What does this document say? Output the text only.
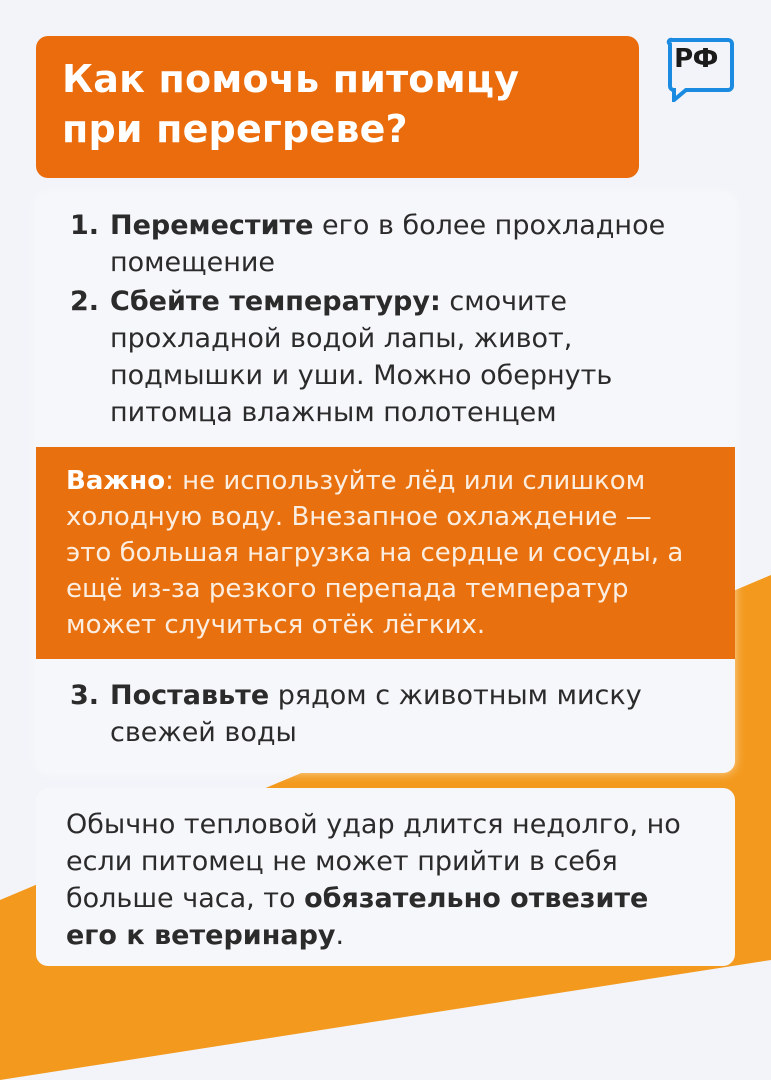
Как помочь питомцу
при перегреве?
РФ
1. Переместите его в более прохладное помещение
2. Сбейте температуру: смочите прохладной водой лапы, живот, подмышки и уши. Можно обернуть питомца влажным полотенцем
Важно: не используйте лёд или слишком холодную воду. Внезапное охлаждение — это большая нагрузка на сердце и сосуды, а ещё из-за резкого перепада температур может случиться отёк лёгких.
3. Поставьте рядом с животным миску свежей воды
Обычно тепловой удар длится недолго, но если питомец не может прийти в себя больше часа, то обязательно отвезите его к ветеринару.
